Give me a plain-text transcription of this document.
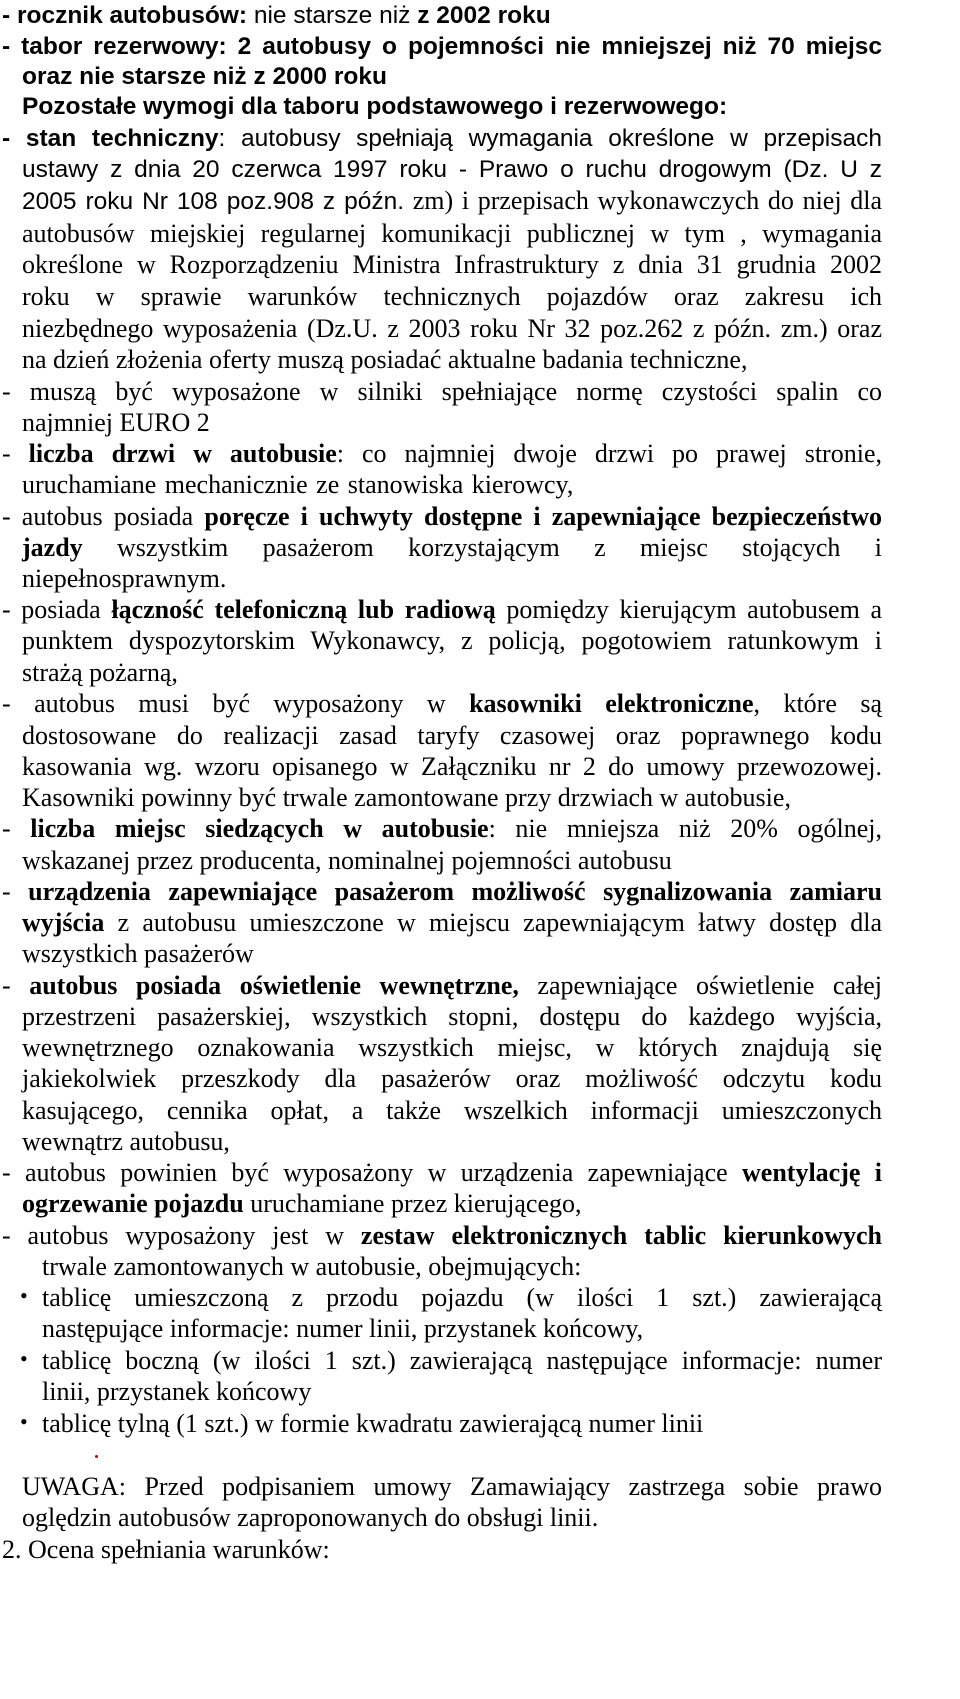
- rocznik autobusów: nie starsze niż z 2002 roku
- tabor rezerwowy: 2 autobusy o pojemności nie mniejszej niż 70 miejsc
oraz nie starsze niż z 2000 roku
Pozostałe wymogi dla taboru podstawowego i rezerwowego:
- stan techniczny: autobusy spełniają wymagania określone w przepisach
ustawy z dnia 20 czerwca 1997 roku - Prawo o ruchu drogowym (Dz. U z
2005 roku Nr 108 poz.908 z późn. zm) i przepisach wykonawczych do niej dla
autobusów miejskiej regularnej komunikacji publicznej w tym , wymagania
określone w Rozporządzeniu Ministra Infrastruktury z dnia 31 grudnia 2002
roku w sprawie warunków technicznych pojazdów oraz zakresu ich
niezbędnego wyposażenia (Dz.U. z 2003 roku Nr 32 poz.262 z późn. zm.) oraz
na dzień złożenia oferty muszą posiadać aktualne badania techniczne,
- muszą być wyposażone w silniki spełniające normę czystości spalin co
najmniej EURO 2
- liczba drzwi w autobusie: co najmniej dwoje drzwi po prawej stronie,
uruchamiane mechanicznie ze stanowiska kierowcy,
- autobus posiada poręcze i uchwyty dostępne i zapewniające bezpieczeństwo
jazdy wszystkim pasażerom korzystającym z miejsc stojących i
niepełnosprawnym.
- posiada łączność telefoniczną lub radiową pomiędzy kierującym autobusem a
punktem dyspozytorskim Wykonawcy, z policją, pogotowiem ratunkowym i
strażą pożarną,
- autobus musi być wyposażony w kasowniki elektroniczne, które są
dostosowane do realizacji zasad taryfy czasowej oraz poprawnego kodu
kasowania wg. wzoru opisanego w Załączniku nr 2 do umowy przewozowej.
Kasowniki powinny być trwale zamontowane przy drzwiach w autobusie,
- liczba miejsc siedzących w autobusie: nie mniejsza niż 20% ogólnej,
wskazanej przez producenta, nominalnej pojemności autobusu
- urządzenia zapewniające pasażerom możliwość sygnalizowania zamiaru
wyjścia z autobusu umieszczone w miejscu zapewniającym łatwy dostęp dla
wszystkich pasażerów
- autobus posiada oświetlenie wewnętrzne, zapewniające oświetlenie całej
przestrzeni pasażerskiej, wszystkich stopni, dostępu do każdego wyjścia,
wewnętrznego oznakowania wszystkich miejsc, w których znajdują się
jakiekolwiek przeszkody dla pasażerów oraz możliwość odczytu kodu
kasującego, cennika opłat, a także wszelkich informacji umieszczonych
wewnątrz autobusu,
- autobus powinien być wyposażony w urządzenia zapewniające wentylację i
ogrzewanie pojazdu uruchamiane przez kierującego,
- autobus wyposażony jest w zestaw elektronicznych tablic kierunkowych
trwale zamontowanych w autobusie, obejmujących:
• tablicę umieszczoną z przodu pojazdu (w ilości 1 szt.) zawierającą
następujące informacje: numer linii, przystanek końcowy,
• tablicę boczną (w ilości 1 szt.) zawierającą następujące informacje: numer
linii, przystanek końcowy
• tablicę tylną (1 szt.) w formie kwadratu zawierającą numer linii
UWAGA: Przed podpisaniem umowy Zamawiający zastrzega sobie prawo
oględzin autobusów zaproponowanych do obsługi linii.
2. Ocena spełniania warunków:
